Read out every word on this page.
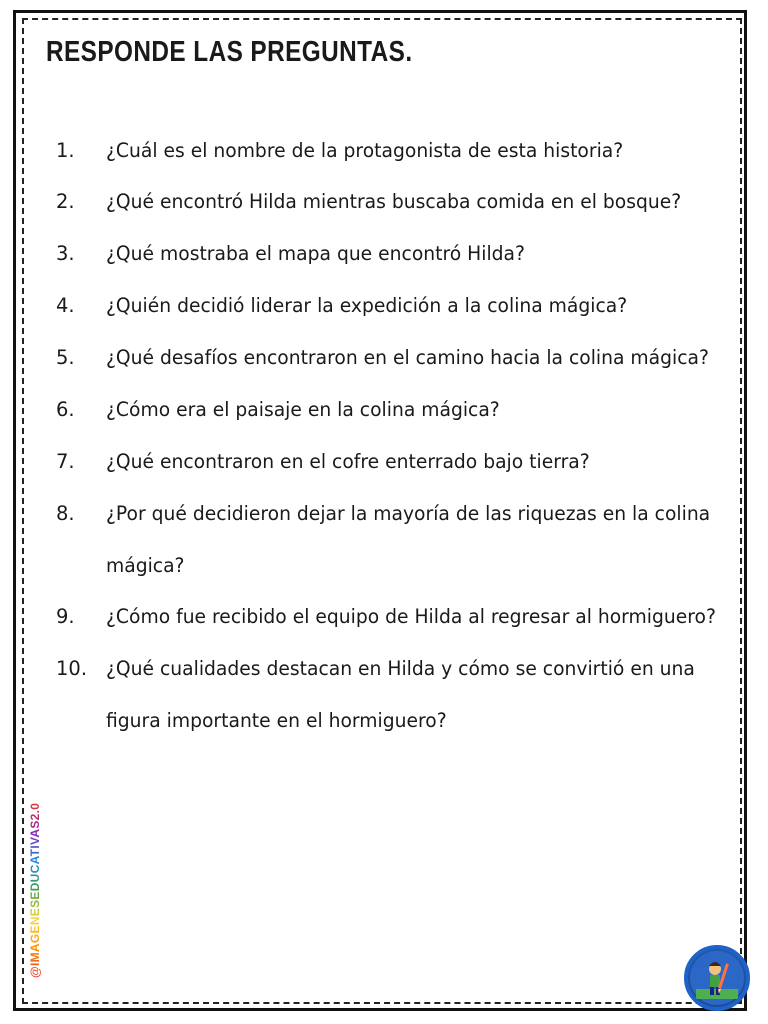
RESPONDE LAS PREGUNTAS.
1. ¿Cuál es el nombre de la protagonista de esta historia?
2. ¿Qué encontró Hilda mientras buscaba comida en el bosque?
3. ¿Qué mostraba el mapa que encontró Hilda?
4. ¿Quién decidió liderar la expedición a la colina mágica?
5. ¿Qué desafíos encontraron en el camino hacia la colina mágica?
6. ¿Cómo era el paisaje en la colina mágica?
7. ¿Qué encontraron en el cofre enterrado bajo tierra?
8. ¿Por qué decidieron dejar la mayoría de las riquezas en la colina
mágica?
9. ¿Cómo fue recibido el equipo de Hilda al regresar al hormiguero?
10. ¿Qué cualidades destacan en Hilda y cómo se convirtió en una
figura importante en el hormiguero?
@IMAGENESEDUCATIVAS2.0
